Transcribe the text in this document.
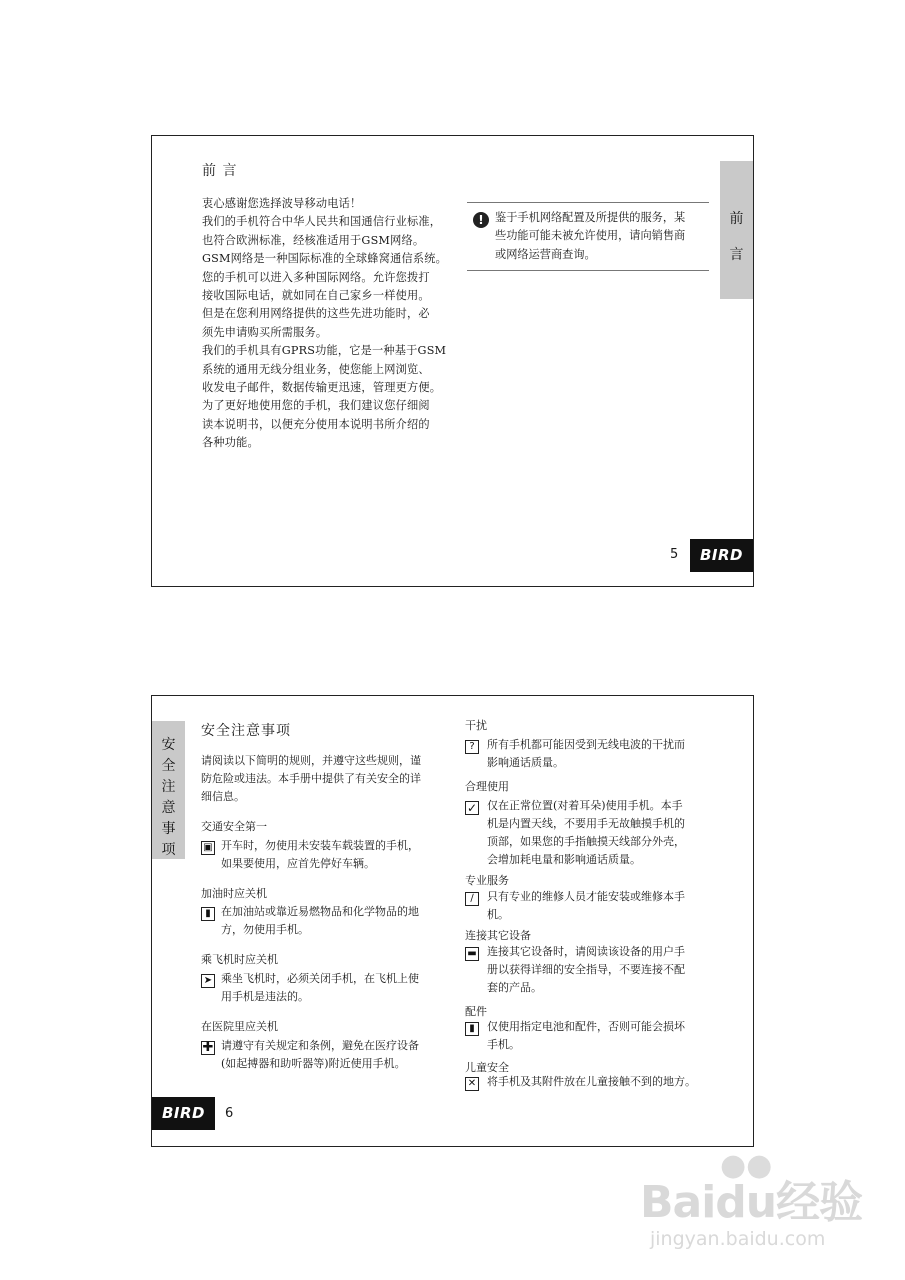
前 言
衷心感谢您选择波导移动电话！
我们的手机符合中华人民共和国通信行业标准，
也符合欧洲标准，经核准适用于GSM网络。
GSM网络是一种国际标准的全球蜂窝通信系统。
您的手机可以进入多种国际网络。允许您拨打
接收国际电话，就如同在自己家乡一样使用。
但是在您利用网络提供的这些先进功能时，必
须先申请购买所需服务。
我们的手机具有GPRS功能，它是一种基于GSM
系统的通用无线分组业务，使您能上网浏览、
收发电子邮件，数据传输更迅速，管理更方便。
为了更好地使用您的手机，我们建议您仔细阅
读本说明书，以便充分使用本说明书所介绍的
各种功能。
!	鉴于手机网络配置及所提供的服务，某
些功能可能未被允许使用，请向销售商
或网络运营商查询。
前
言
5	BIRD
安
全
注
意
事
项
安全注意事项
请阅读以下简明的规则，并遵守这些规则，谨
防危险或违法。本手册中提供了有关安全的详
细信息。
交通安全第一
▣ 开车时，勿使用未安装车载装置的手机，
如果要使用，应首先停好车辆。
加油时应关机
▮ 在加油站或靠近易燃物品和化学物品的地
方，勿使用手机。
乘飞机时应关机
➤ 乘坐飞机时，必须关闭手机，在飞机上使
用手机是违法的。
在医院里应关机
✚ 请遵守有关规定和条例，避免在医疗设备
(如起搏器和助听器等)附近使用手机。
干扰
?	所有手机都可能因受到无线电波的干扰而
影响通话质量。
合理使用
✓ 仅在正常位置(对着耳朵)使用手机。本手
机是内置天线，不要用手无故触摸手机的
顶部，如果您的手指触摸天线部分外壳，
会增加耗电量和影响通话质量。
专业服务
∕	只有专业的维修人员才能安装或维修本手
机。
连接其它设备
▬ 连接其它设备时，请阅读该设备的用户手
册以获得详细的安全指导，不要连接不配
套的产品。
配件
▮	仅使用指定电池和配件，否则可能会损坏
手机。
儿童安全
✕ 将手机及其附件放在儿童接触不到的地方。
BIRD	6
●●
Baidu经验
jingyan.baidu.com
